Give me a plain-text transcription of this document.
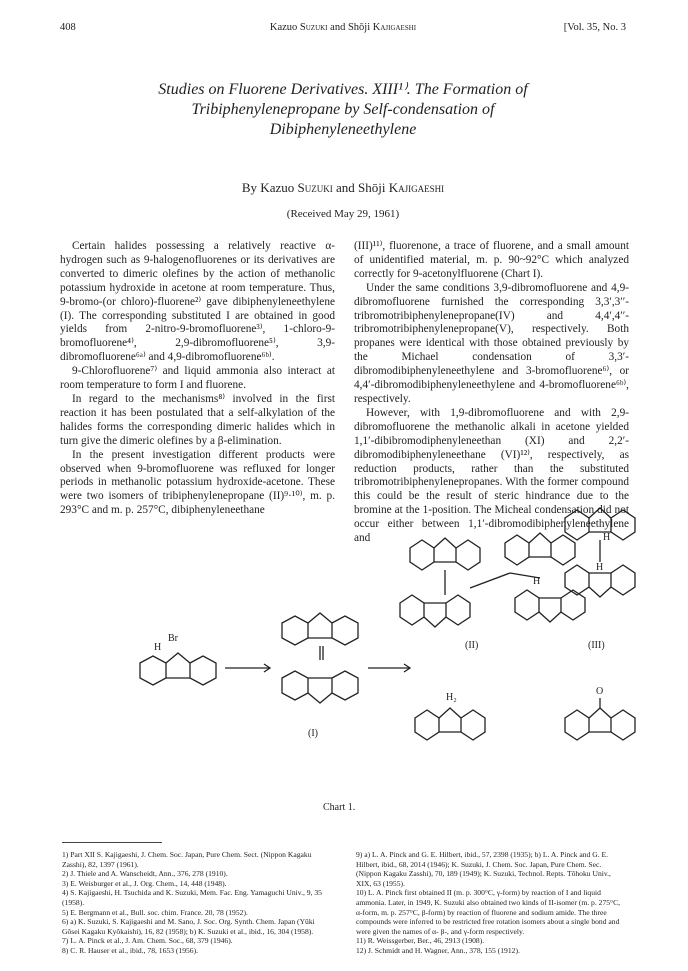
408	Kazuo Suzuki and Shōji Kajigaeshi	[Vol. 35, No. 3
Studies on Fluorene Derivatives. XIII¹⁾. The Formation of
Tribiphenylenepropane by Self-condensation of
Dibiphenyleneethylene
By Kazuo Suzuki and Shōji Kajigaeshi
(Received May 29, 1961)

Certain halides possessing a relatively reactive α-hydrogen such as 9-halogenofluorenes or its derivatives are converted to dimeric olefines by the action of methanolic potassium hydroxide in acetone at room temperature. Thus, 9-bromo-(or chloro)-fluorene²⁾ gave dibiphenyleneethylene (I). The corresponding substituted I are obtained in good yields from 2-nitro-9-bromofluorene³⁾, 1-chloro-9-bromofluorene⁴⁾, 2,9-dibromofluorene⁵⁾, 3,9-dibromofluorene⁶ᵃ⁾ and 4,9-dibromofluorene⁶ᵇ⁾.

9-Chlorofluorene⁷⁾ and liquid ammonia also interact at room temperature to form I and fluorene.

In regard to the mechanisms⁸⁾ involved in the first reaction it has been postulated that a self-alkylation of the halides forms the corresponding dimeric halides which in turn give the dimeric olefines by a β-elimination.

In the present investigation different products were observed when 9-bromofluorene was refluxed for longer periods in methanolic potassium hydroxide-acetone. These were two isomers of tribiphenylenepropane (II)⁹·¹⁰⁾, m. p. 293°C and m. p. 257°C, dibiphenyleneethane

(III)¹¹⁾, fluorenone, a trace of fluorene, and a small amount of unidentified material, m. p. 90~92°C which analyzed correctly for 9-acetonylfluorene (Chart I).

Under the same conditions 3,9-dibromofluorene and 4,9-dibromofluorene furnished the corresponding 3,3′,3′′-tribromotribiphenylenepropane(IV) and 4,4′,4′′-tribromotribiphenylenepropane(V), respectively. Both propanes were identical with those obtained previously by the Michael condensation of 3,3′-dibromodibiphenyleneethylene and 3-bromofluorene⁶⁾, or 4,4′-dibromodibiphenyleneethylene and 4-bromofluorene⁶ᵇ⁾, respectively.

However, with 1,9-dibromofluorene and with 2,9-dibromofluorene the methanolic alkali in acetone yielded 1,1′-dibibromodiphenyleneethan (XI) and 2,2′-dibromodibiphenyleneethane (VI)¹²⁾, respectively, as reduction products, rather than the substituted tribromotribiphenylenepropanes. With the former compound this could be the result of steric hindrance due to the bromine at the 1-position. The Micheal condensation did not occur either between 1,1′-dibromodibiphenyleneethylene and

H
Br
(I)
(II)	(III)
H₂
O
H
H
H
Chart 1.
1) Part XII S. Kajigaeshi, J. Chem. Soc. Japan, Pure Chem. Sect. (Nippon Kagaku Zasshi), 82, 1397 (1961).
2) J. Thiele and A. Wanscheidt, Ann., 376, 278 (1910).
3) E. Weisburger et al., J. Org. Chem., 14, 448 (1948).
4) S. Kajigaeshi, H. Tsuchida and K. Suzuki, Mem. Fac. Eng. Yamaguchi Univ., 9, 35 (1958).
5) E. Bergmann et al., Bull. soc. chim. France. 20, 78 (1952).
6) a) K. Suzuki, S. Kajigaeshi and M. Sano, J. Soc. Org. Synth. Chem. Japan (Yûki Gôsei Kagaku Kyôkaishi), 16, 82 (1958); b) K. Suzuki et al., ibid., 16, 304 (1958).
7) L. A. Pinck et al., J. Am. Chem. Soc., 68, 379 (1946).
8) C. R. Hauser et al., ibid., 78, 1653 (1956).
9) a) L. A. Pinck and G. E. Hilbert, ibid., 57, 2398 (1935); b) L. A. Pinck and G. E. Hilbert, ibid., 68, 2014 (1946); K. Suzuki, J. Chem. Soc. Japan, Pure Chem. Sec. (Nippon Kagaku Zasshi), 70, 189 (1949); K. Suzuki, Technol. Repts. Tôhoku Univ., XIX, 63 (1955).
10) L. A. Pinck first obtained II (m. p. 300°C, γ-form) by reaction of I and liquid ammonia. Later, in 1949, K. Suzuki also obtained two kinds of II-isomer (m. p. 275°C, α-form, m. p. 257°C, β-form) by reaction of fluorene and sodium amide. The three compounds were inferred to be restricted free rotation isomers about a single bond and were given the names of α- β-, and γ-form respectively.
11) R. Weissgerber, Ber., 46, 2913 (1908).
12) J. Schmidt and H. Wagner, Ann., 378, 155 (1912).
